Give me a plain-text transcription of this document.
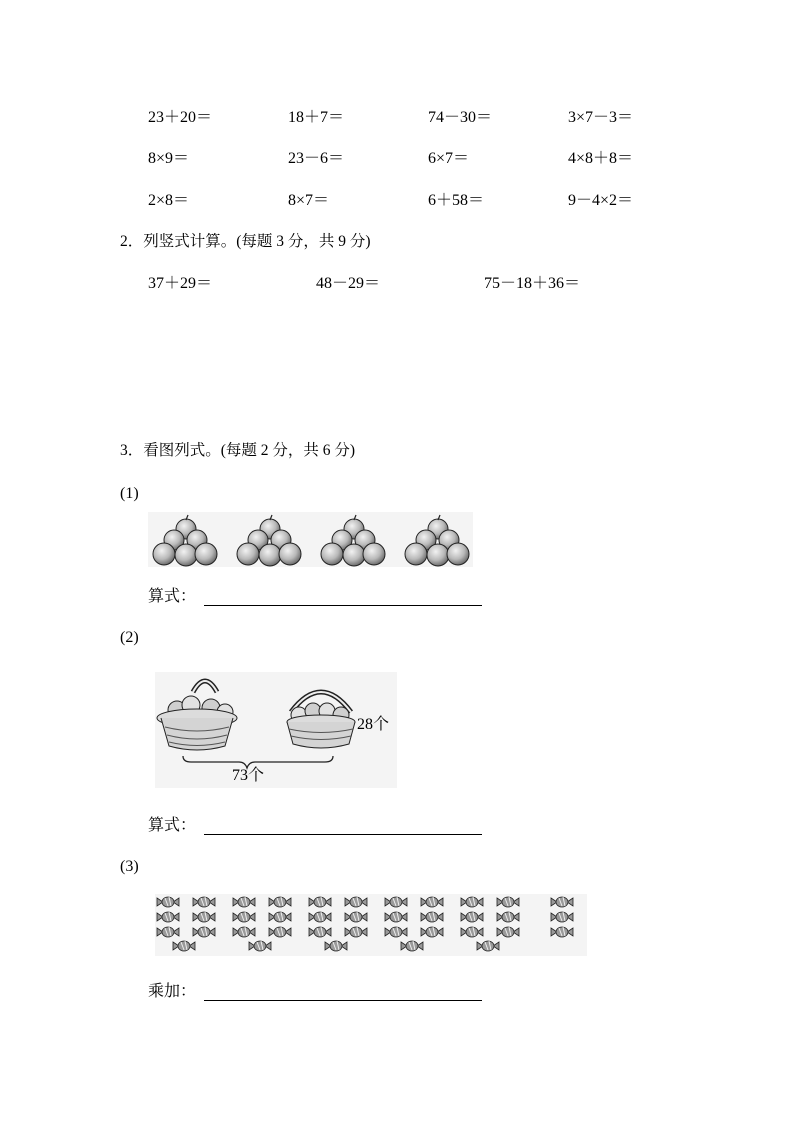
23＋20＝	18＋7＝	74－30＝	3×7－3＝
8×9＝	23－6＝	6×7＝	4×8＋8＝
2×8＝	8×7＝	6＋58＝	9－4×2＝
2．列竖式计算。(每题 3 分，共 9 分)
37＋29＝	48－29＝	75－18＋36＝
3．看图列式。(每题 2 分，共 6 分)
(1)
算式：
(2)
28个
73个
算式：
(3)
乘加：
